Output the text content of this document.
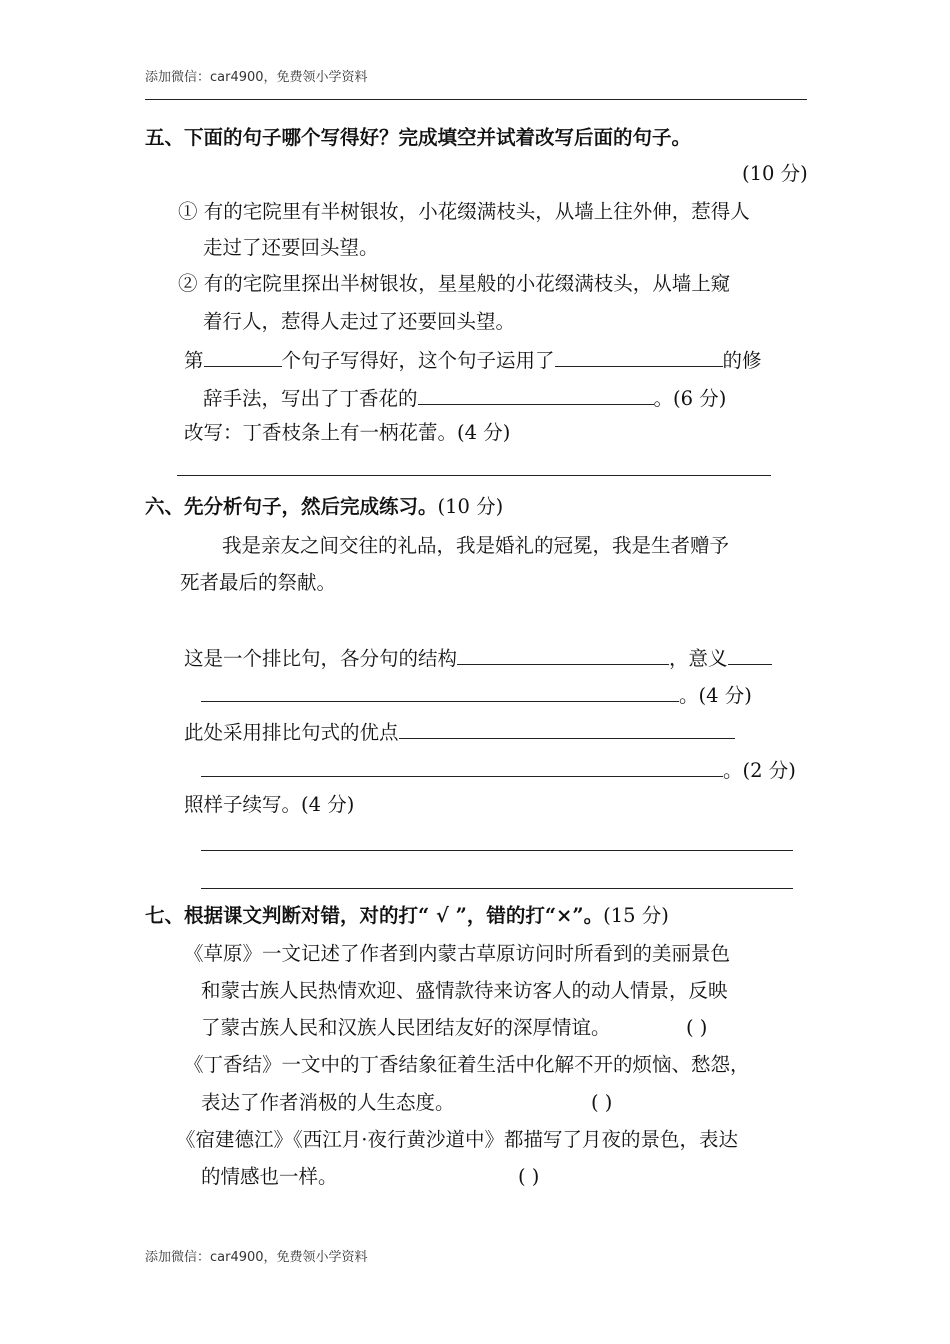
添加微信：car4900，免费领小学资料
五、下面的句子哪个写得好？完成填空并试着改写后面的句子。
(10 分)
① 有的宅院里有半树银妆，小花缀满枝头，从墙上往外伸，惹得人
走过了还要回头望。
② 有的宅院里探出半树银妆，星星般的小花缀满枝头，从墙上窥
着行人，惹得人走过了还要回头望。
第	个句子写得好，这个句子运用了	的修
辞手法，写出了丁香花的	。(6 分)
改写：丁香枝条上有一柄花蕾。(4 分)
六、先分析句子，然后完成练习。(10 分)
我是亲友之间交往的礼品，我是婚礼的冠冕，我是生者赠予
死者最后的祭献。
这是一个排比句，各分句的结构	，意义
。(4 分)
此处采用排比句式的优点
。(2 分)
照样子续写。(4 分)
七、根据课文判断对错，对的打“ √ ”，错的打“×”。(15 分)
《草原》一文记述了作者到内蒙古草原访问时所看到的美丽景色
和蒙古族人民热情欢迎、盛情款待来访客人的动人情景，反映
了蒙古族人民和汉族人民团结友好的深厚情谊。	( )
《丁香结》一文中的丁香结象征着生活中化解不开的烦恼、愁怨，
表达了作者消极的人生态度。	( )
《宿建德江》《西江月·夜行黄沙道中》都描写了月夜的景色，表达
的情感也一样。	( )
添加微信：car4900，免费领小学资料
